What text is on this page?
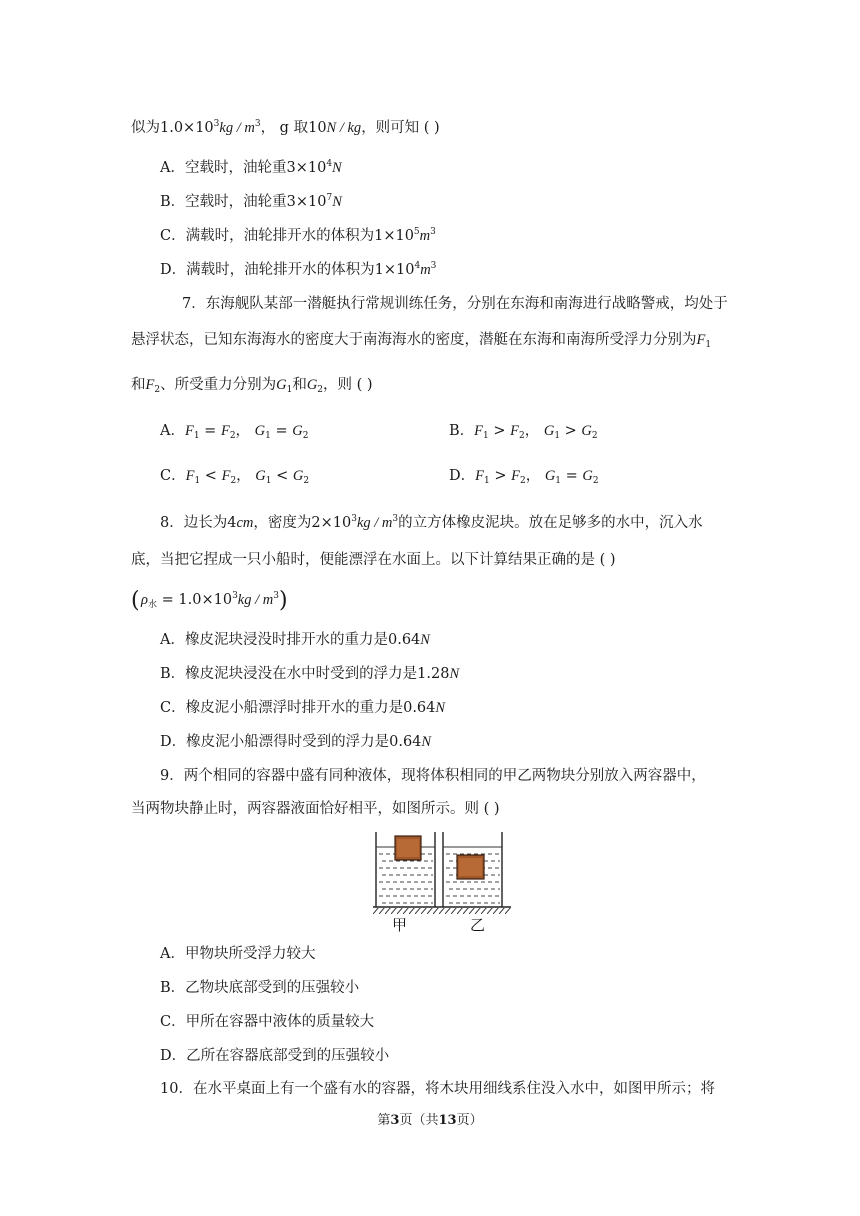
似为$1.0\times 10^3kg / m^3$， g 取10N / kg，则可知 ( )
A．空载时，油轮重$3\times 10^4N$
B．空载时，油轮重$3\times 10^7N$
C．满载时，油轮排开水的体积为$1\times 10^5m^3$
D．满载时，油轮排开水的体积为$1\times 10^4m^3$
7．东海舰队某部一潜艇执行常规训练任务，分别在东海和南海进行战略警戒，均处于
悬浮状态，已知东海海水的密度大于南海海水的密度，潜艇在东海和南海所受浮力分别为$F_1$
和$F_2$、所受重力分别为$G_1$和$G_2$，则 ( )
A．$F_1 = F_2$， $G_1 = G_2$	B．$F_1 > F_2$， $G_1 > G_2$
C．$F_1 < F_2$， $G_1 < G_2$	D．$F_1 > F_2$， $G_1 = G_2$
8．边长为4cm，密度为$2\times 10^3kg / m^3$的立方体橡皮泥块。放在足够多的水中，沉入水
底，当把它捏成一只小船时，便能漂浮在水面上。以下计算结果正确的是 ( )
( $\rho_水 = 1.0\times 10^3kg / m^3$)
A．橡皮泥块浸没时排开水的重力是0.64N
B．橡皮泥块浸没在水中时受到的浮力是1.28N
C．橡皮泥小船漂浮时排开水的重力是0.64N
D．橡皮泥小船漂得时受到的浮力是0.64N
9．两个相同的容器中盛有同种液体，现将体积相同的甲乙两物块分别放入两容器中，
当两物块静止时，两容器液面恰好相平，如图所示。则 ( )
甲	乙
A．甲物块所受浮力较大
B．乙物块底部受到的压强较小
C．甲所在容器中液体的质量较大
D．乙所在容器底部受到的压强较小
10．在水平桌面上有一个盛有水的容器，将木块用细线系住没入水中，如图甲所示；将
第3页（共13页）
